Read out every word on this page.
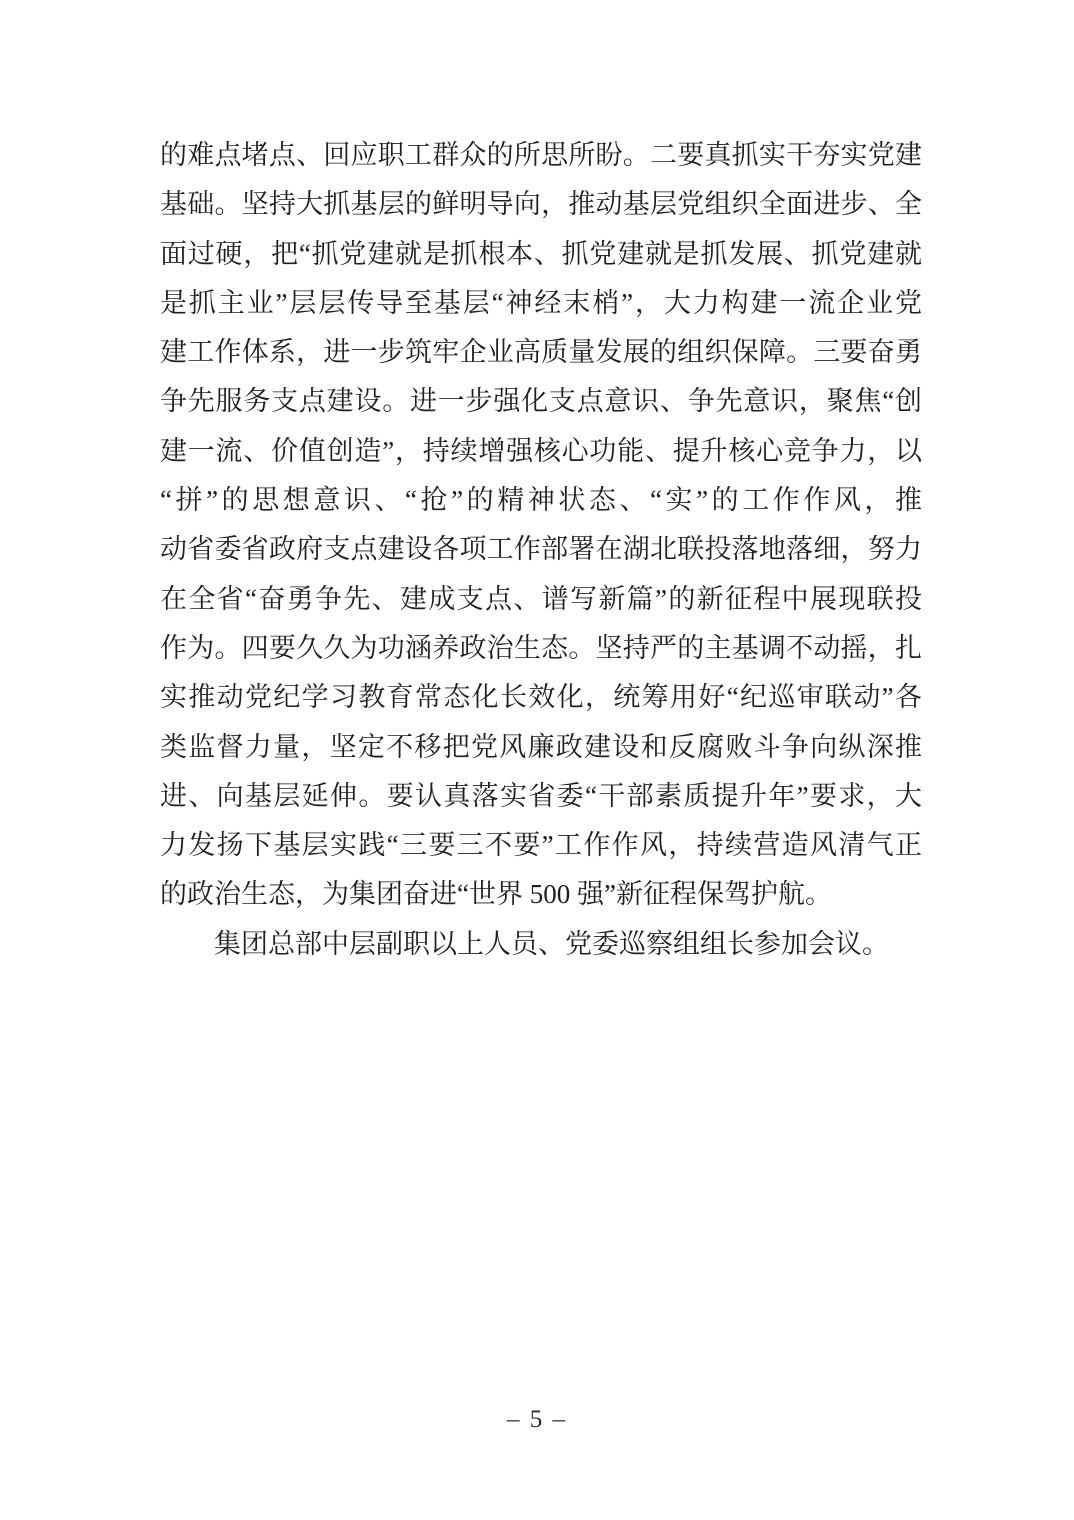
的难点堵点、回应职工群众的所思所盼。二要真抓实干夯实党建
基础。坚持大抓基层的鲜明导向，推动基层党组织全面进步、全
面过硬，把“抓党建就是抓根本、抓党建就是抓发展、抓党建就
是抓主业”层层传导至基层“神经末梢”，大力构建一流企业党
建工作体系，进一步筑牢企业高质量发展的组织保障。三要奋勇
争先服务支点建设。进一步强化支点意识、争先意识，聚焦“创
建一流、价值创造”，持续增强核心功能、提升核心竞争力，以
“拼”的思想意识、“抢”的精神状态、“实”的工作作风，推
动省委省政府支点建设各项工作部署在湖北联投落地落细，努力
在全省“奋勇争先、建成支点、谱写新篇”的新征程中展现联投
作为。四要久久为功涵养政治生态。坚持严的主基调不动摇，扎
实推动党纪学习教育常态化长效化，统筹用好“纪巡审联动”各
类监督力量，坚定不移把党风廉政建设和反腐败斗争向纵深推
进、向基层延伸。要认真落实省委“干部素质提升年”要求，大
力发扬下基层实践“三要三不要”工作作风，持续营造风清气正
的政治生态，为集团奋进“世界 500 强”新征程保驾护航。
集团总部中层副职以上人员、党委巡察组组长参加会议。
– 5 –
